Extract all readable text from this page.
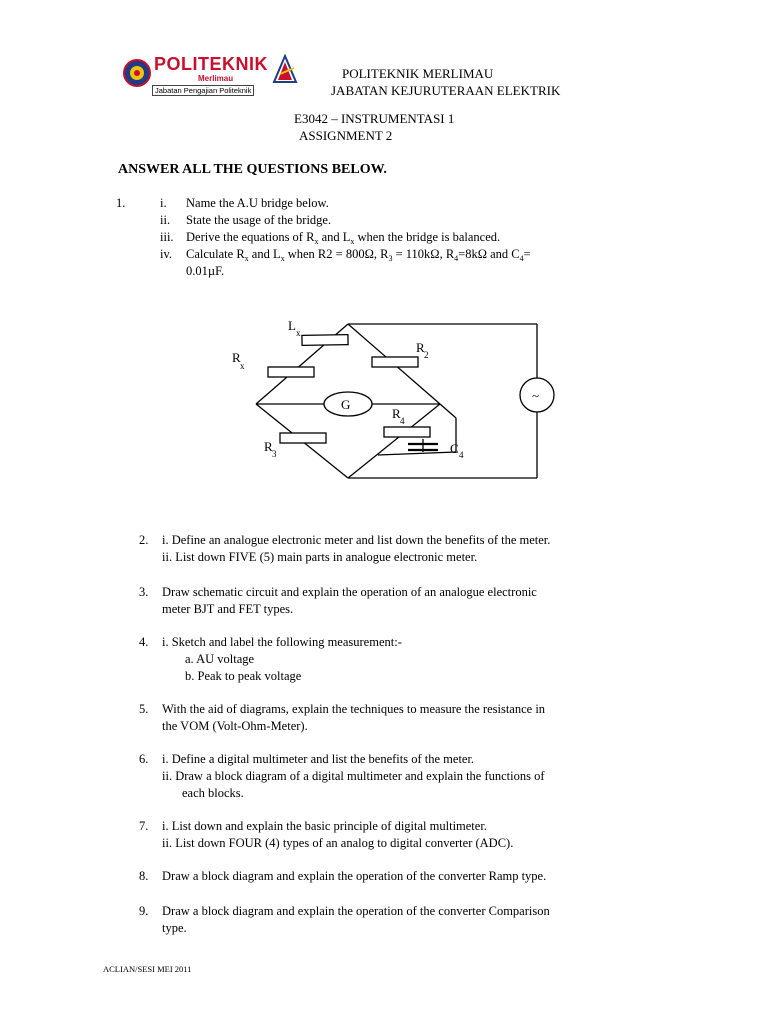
POLITEKNIK
Merlimau
Jabatan Pengajian Politeknik
POLITEKNIK MERLIMAU
JABATAN KEJURUTERAAN ELEKTRIK
E3042 – INSTRUMENTASI 1
ASSIGNMENT 2
ANSWER ALL THE QUESTIONS BELOW.
1.	i. Name the A.U bridge below.
ii. State the usage of the bridge.
iii. Derive the equations of $R_x$ and $L_x$ when the bridge is balanced.
iv. Calculate $R_x$ and $L_x$ when R2 = 800Ω, $R_3 = 110k\Omega$, $R_4=8k\Omega$ and $C_4=$
0.01µF.
G
~
L x
R
x
R 2
R 3
R 4
C 4
2. i. Define an analogue electronic meter and list down the benefits of the meter.
ii. List down FIVE (5) main parts in analogue electronic meter.
3. Draw schematic circuit and explain the operation of an analogue electronic
meter BJT and FET types.
4. i. Sketch and label the following measurement:-
a. AU voltage
b. Peak to peak voltage
5. With the aid of diagrams, explain the techniques to measure the resistance in
the VOM (Volt-Ohm-Meter).
6. i. Define a digital multimeter and list the benefits of the meter.
ii. Draw a block diagram of a digital multimeter and explain the functions of
each blocks.
7. i. List down and explain the basic principle of digital multimeter.
ii. List down FOUR (4) types of an analog to digital converter (ADC).
8. Draw a block diagram and explain the operation of the converter Ramp type.
9. Draw a block diagram and explain the operation of the converter Comparison
type.
ACLIAN/SESI MEI 2011
